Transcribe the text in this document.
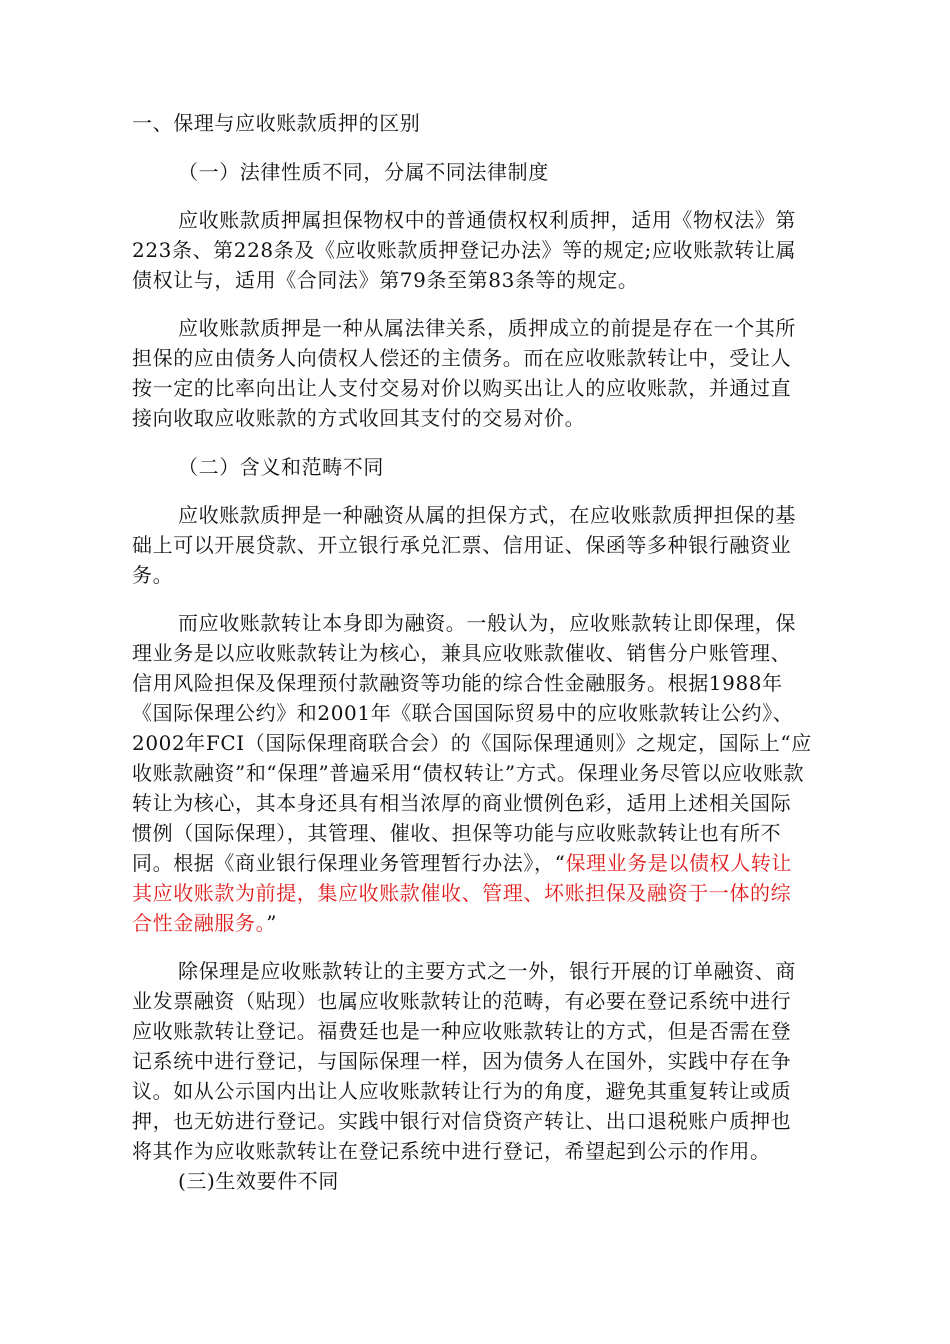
一、保理与应收账款质押的区别
（一）法律性质不同，分属不同法律制度
应收账款质押属担保物权中的普通债权权利质押，适用《物权法》第
223条、第228条及《应收账款质押登记办法》等的规定;应收账款转让属
债权让与，适用《合同法》第79条至第83条等的规定。
应收账款质押是一种从属法律关系，质押成立的前提是存在一个其所
担保的应由债务人向债权人偿还的主债务。而在应收账款转让中，受让人
按一定的比率向出让人支付交易对价以购买出让人的应收账款，并通过直
接向收取应收账款的方式收回其支付的交易对价。
（二）含义和范畴不同
应收账款质押是一种融资从属的担保方式，在应收账款质押担保的基
础上可以开展贷款、开立银行承兑汇票、信用证、保函等多种银行融资业
务。
而应收账款转让本身即为融资。一般认为，应收账款转让即保理，保
理业务是以应收账款转让为核心，兼具应收账款催收、销售分户账管理、
信用风险担保及保理预付款融资等功能的综合性金融服务。根据1988年
《国际保理公约》和2001年《联合国国际贸易中的应收账款转让公约》、
2002年FCI（国际保理商联合会）的《国际保理通则》之规定，国际上“应
收账款融资”和“保理”普遍采用“债权转让”方式。保理业务尽管以应收账款
转让为核心，其本身还具有相当浓厚的商业惯例色彩，适用上述相关国际
惯例（国际保理），其管理、催收、担保等功能与应收账款转让也有所不
同。根据《商业银行保理业务管理暂行办法》，“保理业务是以债权人转让
其应收账款为前提，集应收账款催收、管理、坏账担保及融资于一体的综
合性金融服务。”
除保理是应收账款转让的主要方式之一外，银行开展的订单融资、商
业发票融资（贴现）也属应收账款转让的范畴，有必要在登记系统中进行
应收账款转让登记。福费廷也是一种应收账款转让的方式，但是否需在登
记系统中进行登记，与国际保理一样，因为债务人在国外，实践中存在争
议。如从公示国内出让人应收账款转让行为的角度，避免其重复转让或质
押，也无妨进行登记。实践中银行对信贷资产转让、出口退税账户质押也
将其作为应收账款转让在登记系统中进行登记，希望起到公示的作用。
(三)生效要件不同
